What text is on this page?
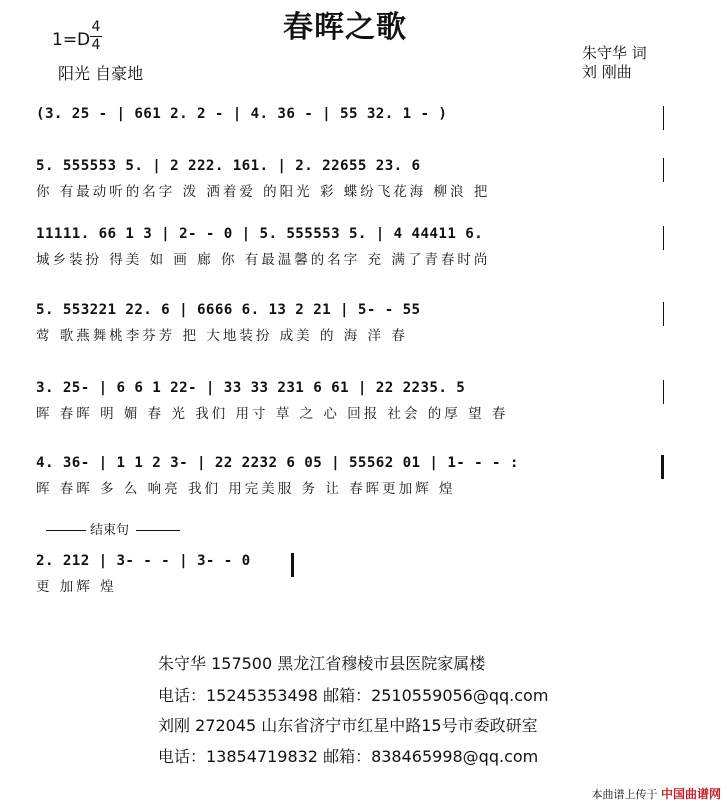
春晖之歌
1=D
4
4
阳光 自豪地
朱守华 词
刘 刚曲
(3. 25 - | 661 2. 2 - | 4. 36 - | 55 32. 1 - )
5. 555553 5. | 2 222. 161. | 2. 22655 23. 6
你 有最动听的名字 泼 洒着爱 的阳光 彩 蝶纷飞花海 柳浪 把
11111. 66 1 3 | 2- - 0 | 5. 555553 5. | 4 44411 6.
城乡装扮 得美 如 画 廊 你 有最温馨的名字 充 满了青春时尚
5. 553221 22. 6 | 6666 6. 13 2 21 | 5- - 55
莺 歌燕舞桃李芬芳 把 大地装扮 成美 的 海 洋 春
3. 25- | 6 6 1 22- | 33 33 231 6 61 | 22 2235. 5
晖 春晖 明 媚 春 光 我们 用寸 草 之 心 回报 社会 的厚 望 春
4. 36- | 1 1 2 3- | 22 2232 6 05 | 55562 01 | 1- - - :
晖 春晖 多 么 响亮 我们 用完美服 务 让 春晖更加辉 煌
结束句
2. 212 | 3- - - | 3- - 0
更 加辉 煌
朱守华 157500 黑龙江省穆棱市县医院家属楼
电话：15245353498 邮箱：2510559056@qq.com
刘刚 272045 山东省济宁市红星中路15号市委政研室
电话：13854719832 邮箱：838465998@qq.com
本曲谱上传于 中国曲谱网
